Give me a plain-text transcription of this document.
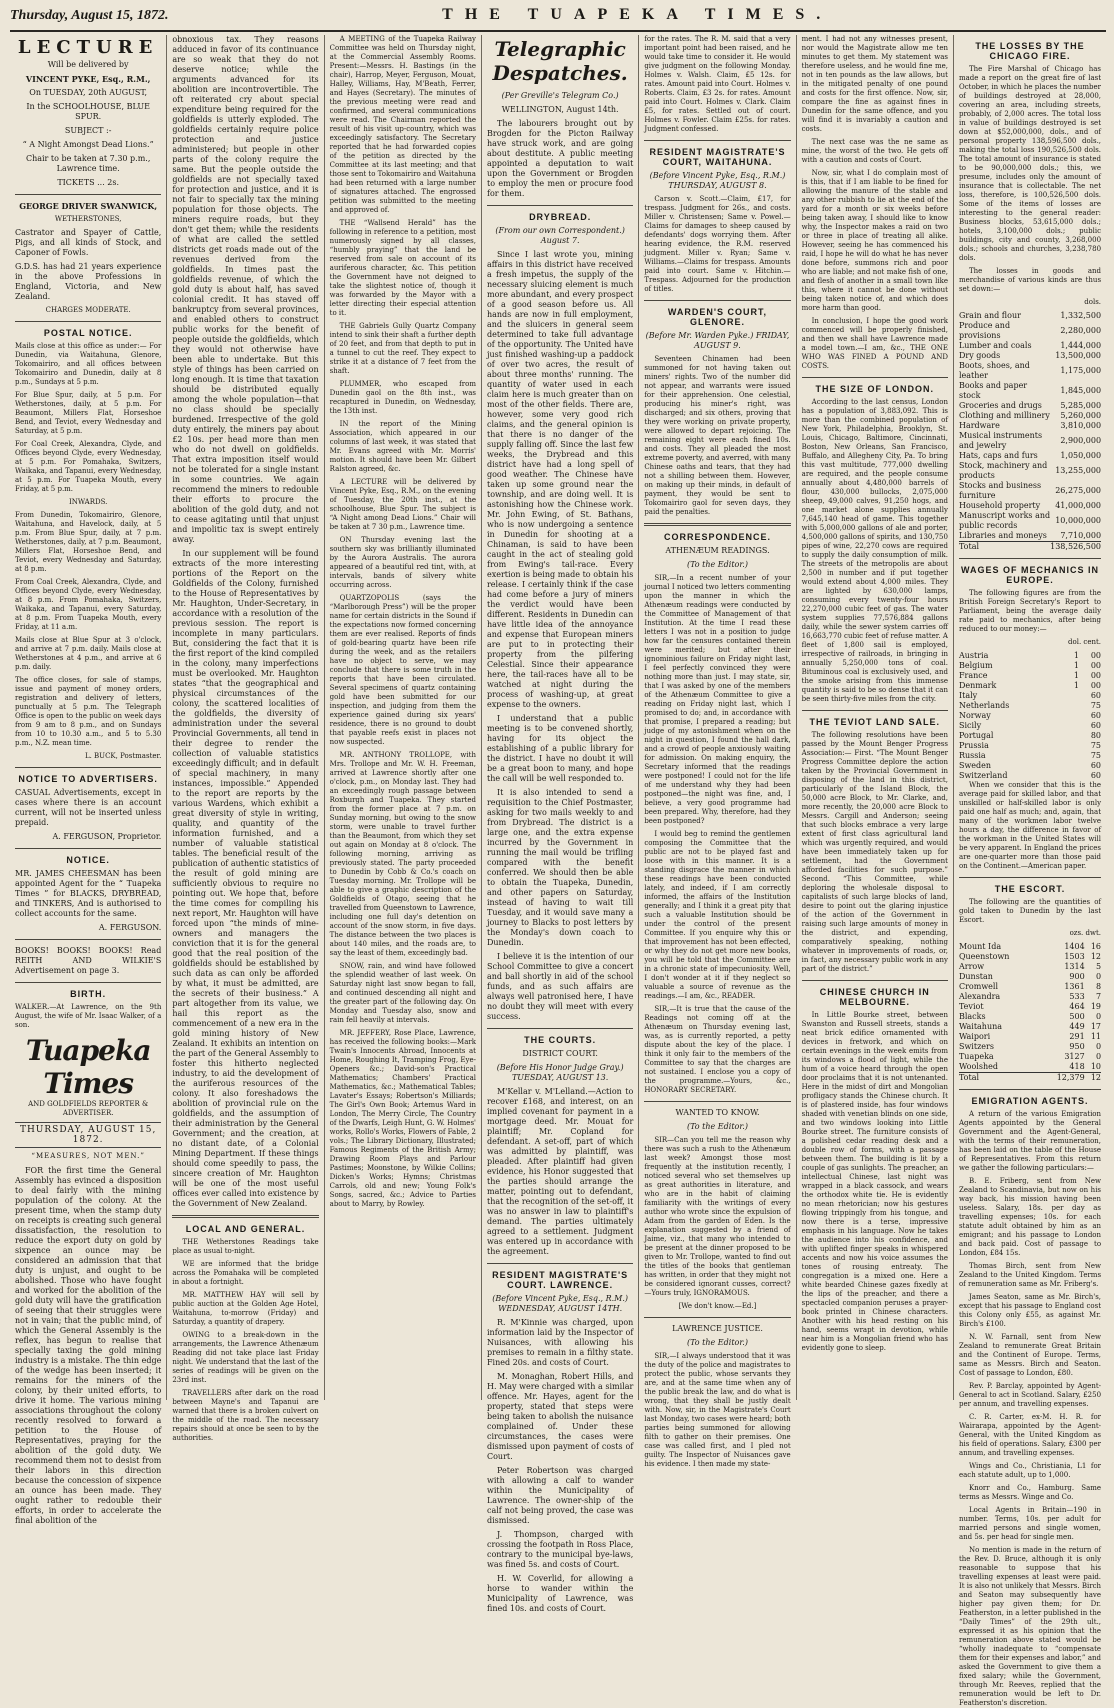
Thursday, August 15, 1872.	THE TUAPEKA TIMES.
LECTURE

Will be delivered by

VINCENT PYKE, Esq., R.M.,

On TUESDAY, 20th AUGUST,

In the SCHOOLHOUSE, BLUE SPUR.

SUBJECT :-

“ A Night Amongst Dead Lions.”

Chair to be taken at 7.30 p.m., Lawrence time.

TICKETS ... 2s.

GEORGE DRIVER SWANWICK,

WETHERSTONES,

Castrator and Spayer of Cattle, Pigs, and all kinds of Stock, and Caponer of Fowls.

G.D.S. has had 21 years experience in the above Professions in England, Victoria, and New Zealand.

CHARGES MODERATE.

POSTAL NOTICE.

Mails close at this office as under:— For Dunedin, via Waitahuna, Glenore, Tokomairiro, and all offices between Tokomairiro and Dunedin, daily at 8 p.m., Sundays at 5 p.m.

For Blue Spur, daily, at 5 p.m. For Wetherstones, daily, at 5 p.m. For Beaumont, Millers Flat, Horseshoe Bend, and Teviot, every Wednesday and Saturday, at 5 p.m.

For Coal Creek, Alexandra, Clyde, and Offices beyond Clyde, every Wednesday, at 5 p.m. For Pomahaka, Switzers, Waikaka, and Tapanui, every Wednesday, at 5 p.m. For Tuapeka Mouth, every Friday, at 5 p.m.

INWARDS.

From Dunedin, Tokomairiro, Glenore, Waitahuna, and Havelock, daily, at 5 p.m. From Blue Spur, daily, at 7 p.m. Wetherstones, daily, at 7 p.m. Beaumont, Millers Flat, Horseshoe Bend, and Teviot, every Wednesday and Saturday, at 8 p.m.

From Coal Creek, Alexandra, Clyde, and Offices beyond Clyde, every Wednesday, at 8 p.m. From Pomahaka, Switzers, Waikaka, and Tapanui, every Saturday, at 8 p.m. From Tuapeka Mouth, every Friday, at 11 a.m.

Mails close at Blue Spur at 3 o'clock, and arrive at 7 p.m. daily. Mails close at Wetherstones at 4 p.m., and arrive at 6 p.m. daily.

The office closes, for sale of stamps, issue and payment of money orders, registration and delivery of letters, punctually at 5 p.m. The Telegraph Office is open to the public on week days from 9 am to 8 p.m., and on Sundays from 10 to 10.30 a.m., and 5 to 5.30 p.m., N.Z. mean time.

L. BUCK, Postmaster.

NOTICE TO ADVERTISERS.

CASUAL Advertisements, except in cases where there is an account current, will not be inserted unless prepaid.

A. FERGUSON, Proprietor.

NOTICE.

MR. JAMES CHEESMAN has been appointed Agent for the “ Tuapeka Times ” for BLACKS, DRYBREAD, and TINKERS, And is authorised to collect accounts for the same.

A. FERGUSON.

BOOKS! BOOKS! BOOKS! Read REITH AND WILKIE'S Advertisement on page 3.

BIRTH.

WALKER.—At Lawrence, on the 9th August, the wife of Mr. Isaac Walker, of a son.

Tuapeka Times

AND GOLDFIELDS REPORTER & ADVERTISER.

THURSDAY, AUGUST 15, 1872.
“MEASURES, NOT MEN.”

FOR the first time the General Assembly has evinced a disposition to deal fairly with the mining population of the colony. At the present time, when the stamp duty on receipts is creating such general dissatisfaction, the resolution to reduce the export duty on gold by sixpence an ounce may be considered an admission that that duty is unjust, and ought to be abolished. Those who have fought and worked for the abolition of the gold duty will have the gratification of seeing that their struggles were not in vain; that the public mind, of which the General Assembly is the reflex, has begun to realise that specially taxing the gold mining industry is a mistake. The thin edge of the wedge has been inserted; it remains for the miners of the colony, by their united efforts, to drive it home. The various mining associations throughout the colony recently resolved to forward a petition to the House of Representatives, praying for the abolition of the gold duty. We recommend them not to desist from their labors in this direction because the concession of sixpence an ounce has been made. They ought rather to redouble their efforts, in order to accelerate the final abolition of the

obnoxious tax. They reasons adduced in favor of its continuance are so weak that they do not deserve notice; while the arguments advanced for its abolition are incontrovertible. The oft reiterated cry about special expenditure being required for the goldfields is utterly exploded. The goldfields certainly require police protection and justice administered; but people in other parts of the colony require the same. But the people outside the goldfields are not specially taxed for protection and justice, and it is not fair to specially tax the mining population for those objects. The miners require roads, but they don't get them; while the residents of what are called the settled districts get roads made out of the revenues derived from the goldfields. In times past the goldfields revenue, of which the gold duty is about half, has saved colonial credit. It has staved off bankruptcy from several provinces, and enabled others to construct public works for the benefit of people outside the goldfields, which they would not otherwise have been able to undertake. But this style of things has been carried on long enough. It is time that taxation should be distributed equally among the whole population—that no class should be specially burdened. Irrespective of the gold duty entirely, the miners pay about £2 10s. per head more than men who do not dwell on goldfields. That extra imposition itself would not be tolerated for a single instant in some countries. We again recommend the miners to redouble their efforts to procure the abolition of the gold duty, and not to cease agitating until that unjust and impolitic tax is swept entirely away.

In our supplement will be found extracts of the more interesting portions of the Report on the Goldfields of the Colony, furnished to the House of Representatives by Mr. Haughton, Under-Secretary, in accordance with a resolution of the previous session. The report is incomplete in many particulars. But, considering the fact that it is the first report of the kind compiled in the colony, many imperfections must be overlooked. Mr. Haughton states “that the geographical and physical circumstances of the colony, the scattered localities of the goldfields, the diversity of administration under the several Provincial Governments, all tend in their degree to render the collection of valuable statistics exceedingly difficult; and in default of special machinery, in many instances, impossible.” Appended to the report are reports by the various Wardens, which exhibit a great diversity of style in writing, quality, and quantity of the information furnished, and a number of valuable statistical tables. The beneficial result of the publication of authentic statistics of the result of gold mining are sufficiently obvious to require no pointing out. We hope that, before the time comes for compiling his next report, Mr. Haughton will have forced upon “the minds of mine-owners and managers the conviction that it is for the general good that the real position of the goldfields should be established by such data as can only be afforded by what, it must be admitted, are the secrets of their business.” A part altogether from its value, we hail this report as the commencement of a new era in the gold mining history of New Zealand. It exhibits an intention on the part of the General Assembly to foster this hitherto neglected industry, to aid the development of the auriferous resources of the colony. It also foreshadows the abolition of provincial rule on the goldfields, and the assumption of their administration by the General Government; and the creation, at no distant date, of a Colonial Mining Department. If these things should come speedily to pass, the sincere creation of Mr. Haughton will be one of the most useful offices ever called into existence by the Government of New Zealand.

LOCAL AND GENERAL.

THE Wetherstones Readings take place as usual to-night.

WE are informed that the bridge across the Pomahaka will be completed in about a fortnight.

MR. MATTHEW HAY will sell by public auction at the Golden Age Hotel, Waitahuna, to-morrow (Friday) and Saturday, a quantity of drapery.

OWING to a break-down in the arrangements, the Lawrence Athenæum Reading did not take place last Friday night. We understand that the last of the series of readings will be given on the 23rd inst.

TRAVELLERS after dark on the road between Mayne's and Tapanui are warned that there is a broken culvert on the middle of the road. The necessary repairs should at once be seen to by the authorities.

A MEETING of the Tuapeka Railway Committee was held on Thursday night, at the Commercial Assembly Rooms. Present:—Messrs. H. Bastings (in the chair), Harrop, Meyer, Ferguson, Mouat, Halley, Williams, Hay, M'Beath, Ferrer, and Hayes (Secretary). The minutes of the previous meeting were read and confirmed, and several communications were read. The Chairman reported the result of his visit up-country, which was exceedingly satisfactory. The Secretary reported that he had forwarded copies of the petition as directed by the Committee at its last meeting; and that those sent to Tokomairiro and Waitahuna had been returned with a large number of signatures attached. The engrossed petition was submitted to the meeting and approved of.

THE “Wallsend Herald” has the following in reference to a petition, most numerously signed by all classes, “humbly praying” that the land be reserved from sale on account of its auriferous character, &c. This petition the Government have not deigned to take the slightest notice of, though it was forwarded by the Mayor with a letter directing their especial attention to it.

THE Gabriels Gully Quartz Company intend to sink their shaft a further depth of 20 feet, and from that depth to put in a tunnel to cut the reef. They expect to strike it at a distance of 7 feet from the shaft.

PLUMMER, who escaped from Dunedin gaol on the 8th inst., was recaptured in Dunedin, on Wednesday, the 13th inst.

IN the report of the Mining Association, which appeared in our columns of last week, it was stated that Mr. Evans agreed with Mr. Morris' motion. It should have been Mr. Gilbert Ralston agreed, &c.

A LECTURE will be delivered by Vincent Pyke, Esq., R.M., on the evening of Tuesday, the 20th inst., at the schoolhouse, Blue Spur. The subject is “A Night among Dead Lions.” Chair will be taken at 7 30 p.m., Lawrence time.

ON Thursday evening last the southern sky was brilliantly illuminated by the Aurora Australis. The aurora appeared of a beautiful red tint, with, at intervals, bands of silvery white occurring across.

QUARTZOPOLIS (says the “Marlborough Press”) will be the proper name for certain districts in the Sound if the expectations now formed concerning them are ever realised. Reports of finds of gold-bearing quartz have been rife during the week, and as the retailers have no object to serve, we may conclude that there is some truth in the reports that have been circulated. Several specimens of quartz containing gold have been submitted for our inspection, and judging from them the experience gained during six years' residence, there is no ground to doubt that payable reefs exist in places not now suspected.

MR. ANTHONY TROLLOPE, with Mrs. Trollope and Mr. W. H. Freeman, arrived at Lawrence shortly after one o'clock, p.m., on Monday last. They had an exceedingly rough passage between Roxburgh and Tuapeka. They started from the former place at 7 p.m. on Sunday morning, but owing to the snow storm, were unable to travel further than the Beaumont, from which they set out again on Monday at 8 o'clock. The following morning, arriving as previously stated. The party proceeded to Dunedin by Cobb & Co.'s coach on Tuesday morning. Mr. Trollope will be able to give a graphic description of the Goldfields of Otago, seeing that he travelled from Queenstown to Lawrence, including one full day's detention on account of the snow storm, in five days. The distance between the two places is about 140 miles, and the roads are, to say the least of them, exceedingly bad.

SNOW, rain, and wind have followed the splendid weather of last week. On Saturday night last snow began to fall, and continued descending all night and the greater part of the following day. On Monday and Tuesday also, snow and rain fell heavily at intervals.

MR. JEFFERY, Rose Place, Lawrence, has received the following books:—Mark Twain's Innocents Abroad, Innocents at Home, Roughing It, Tramping Frog, Eye-Openers &c.; David-son's Practical Mathematics; Chambers' Practical Mathematics, &c.; Mathematical Tables; Lavater's Essays; Robertson's Milliards; The Girl's Own Book; Artemus Ward in London, The Merry Circle, The Country of the Dwarfs, Leigh Hunt, G. W. Holmes' works, Rollo's Works, Flowers of Fable, 2 vols.; The Library Dictionary, Illustrated; Famous Regiments of the British Army; Drawing Room Plays and Parlour Pastimes; Moonstone, by Wilkie Collins; Dicken's Works; Hymns; Christmas Carrols, old and new; Young Folk's Songs, sacred, &c.; Advice to Parties about to Marry, by Rowley.

Telegraphic Despatches.

(Per Greville's Telegram Co.)

WELLINGTON, August 14th.

The labourers brought out by Brogden for the Picton Railway have struck work, and are going about destitute. A public meeting appointed a deputation to wait upon the Government or Brogden to employ the men or procure food for them.

DRYBREAD.

(From our own Correspondent.) August 7.

Since I last wrote you, mining affairs in this district have received a fresh impetus, the supply of the necessary sluicing element is much more abundant, and every prospect of a good season before us. All hands are now in full employment, and the sluicers in general seem determined to take full advantage of the opportunity. The United have just finished washing-up a paddock of over two acres, the result of about three months' running. The quantity of water used in each claim here is much greater than on most of the other fields. There are, however, some very good rich claims, and the general opinion is that there is no danger of the supply falling off. Since the last few weeks, the Drybread and this district have had a long spell of good weather. The Chinese have taken up some ground near the township, and are doing well. It is astonishing how the Chinese work. Mr. John Ewing, of St. Bathans, who is now undergoing a sentence in Dunedin for shooting at a Chinaman, is said to have been caught in the act of stealing gold from Ewing's tail-race. Every exertion is being made to obtain his release. I certainly think if the case had come before a jury of miners the verdict would have been different. Residents in Dunedin can have little idea of the annoyance and expense that European miners are put to in protecting their property from the pilfering Celestial. Since their appearance here, the tail-races have all to be watched at night during the process of washing-up, at great expense to the owners.

I understand that a public meeting is to be convened shortly, having for its object the establishing of a public library for the district. I have no doubt it will be a great boon to many, and hope the call will be well responded to.

It is also intended to send a requisition to the Chief Postmaster, asking for two mails weekly to and from Drybread. The district is a large one, and the extra expense incurred by the Government in running the mail would be trifling compared with the benefit conferred. We should then be able to obtain the Tuapeka, Dunedin, and other papers on Saturday, instead of having to wait till Tuesday, and it would save many a journey to Blacks to post letters by the Monday's down coach to Dunedin.

I believe it is the intention of our School Committee to give a concert and ball shortly in aid of the school funds, and as such affairs are always well patronised here, I have no doubt they will meet with every success.

THE COURTS.

DISTRICT COURT.

(Before His Honor Judge Gray.) TUESDAY, AUGUST 13.

M'Kellar v. M'Lelland.—Action to recover £168, and interest, on an implied covenant for payment in a mortgage deed. Mr. Mouat for plaintiff; Mr. Copland for defendant. A set-off, part of which was admitted by plaintiff, was pleaded. After plaintiff had given evidence, his Honor suggested that the parties should arrange the matter, pointing out to defendant, that the recognition of the set-off, it was no answer in law to plaintiff's demand. The parties ultimately agreed to a settlement. Judgment was entered up in accordance with the agreement.

RESIDENT MAGISTRATE'S COURT. LAWRENCE.

(Before Vincent Pyke, Esq., R.M.) WEDNESDAY, AUGUST 14TH.

R. M'Kinnie was charged, upon information laid by the Inspector of Nuisances, with allowing his premises to remain in a filthy state. Fined 20s. and costs of Court.

M. Monaghan, Robert Hills, and H. May were charged with a similar offence. Mr. Hayes, agent for the property, stated that steps were being taken to abolish the nuisance complained of. Under these circumstances, the cases were dismissed upon payment of costs of Court.

Peter Robertson was charged with allowing a calf to wander within the Municipality of Lawrence. The owner-ship of the calf not being proved, the case was dismissed.

J. Thompson, charged with crossing the footpath in Ross Place, contrary to the municipal bye-laws, was fined 5s. and costs of Court.

H. W. Coverlid, for allowing a horse to wander within the Municipality of Lawrence, was fined 10s. and costs of Court.

for the rates. The R. M. said that a very important point had been raised, and he would take time to consider it. He would give judgment on the following Monday. Holmes v. Walsh. Claim, £5 12s. for rates. Amount paid into Court. Holmes v. Roberts. Claim, £3 2s. for rates. Amount paid into Court. Holmes v. Clark. Claim £5, for rates. Settled out of court. Holmes v. Fowler. Claim £25s. for rates. Judgment confessed.

RESIDENT MAGISTRATE'S COURT, WAITAHUNA.

(Before Vincent Pyke, Esq., R.M.) THURSDAY, AUGUST 8.

Carson v. Scott.—Claim, £17, for trespass. Judgment for 26s., and costs. Miller v. Christensen; Same v. Powel.—Claims for damages to sheep caused by defendants' dogs worrying them. After hearing evidence, the R.M. reserved judgment. Miller v. Ryan; Same v. Williams.—Claims for trespass. Amounts paid into court. Same v. Hitchin.—Trespass. Adjourned for the production of titles.

WARDEN'S COURT, GLENORE.

(Before Mr. Warden Pyke.) FRIDAY, AUGUST 9.

Seventeen Chinamen had been summoned for not having taken out miners' rights. Two of the number did not appear, and warrants were issued for their apprehension. One celestial, producing his miner's right, was discharged; and six others, proving that they were working on private property, were allowed to depart rejoicing. The remaining eight were each fined 10s. and costs. They all pleaded the most extreme poverty, and averred, with many Chinese oaths and tears, that they had not a shilling between them. However, on making up their minds, in default of payment, they would be sent to Tokomairiro gaol for seven days, they paid the penalties.

CORRESPONDENCE.

ATHENÆUM READINGS.

(To the Editor.)

SIR,—In a recent number of your journal I noticed two letters commenting upon the manner in which the Athenæum readings were conducted by the Committee of Management of that Institution. At the time I read these letters I was not in a position to judge how far the censures contained therein were merited; but after their ignominious failure on Friday night last, I feel perfectly convinced they were nothing more than just. I may state, sir, that I was asked by one of the members of the Athenæum Committee to give a reading on Friday night last, which I promised to do; and, in accordance with that promise, I prepared a reading; but judge of my astonishment when on the night in question, I found the hall dark, and a crowd of people anxiously waiting for admission. On making enquiry, the Secretary informed that the readings were postponed! I could not for the life of me understand why they had been postponed—the night was fine, and, I believe, a very good programme had been prepared. Why, therefore, had they been postponed?

I would beg to remind the gentlemen composing the Committee that the public are not to be played fast and loose with in this manner. It is a standing disgrace the manner in which these readings have been conducted lately, and indeed, if I am correctly informed, the affairs of the Institution generally; and I think it a great pity that such a valuable Institution should be under the control of the present Committee. If you enquire why this or that improvement has not been effected, or why they do not get more new books, you will be told that the Committee are in a chronic state of impecuniosity. Well, I don't wonder at it if they neglect so valuable a source of revenue as the readings.—I am, &c., READER.

SIR,—It is true that the cause of the Readings not coming off at the Athenæum on Thursday evening last, was, as is currently reported, a petty dispute about the key of the place. I think it only fair to the members of the Committee to say that the charges are not sustained. I enclose you a copy of the programme.—Yours, &c., HONORARY SECRETARY.

WANTED TO KNOW.

(To the Editor.)

SIR—Can you tell me the reason why there was such a rush to the Athenæum last week? Amongst those most frequently at the institution recently, I noticed several who set themselves up as great authorities in literature, and who are in the habit of claiming familiarity with the writings of every author who wrote since the expulsion of Adam from the garden of Eden. Is the explanation suggested by a friend of Jaime, viz., that many who intended to be present at the dinner proposed to be given to Mr. Trollope, wanted to find out the titles of the books that gentleman has written, in order that they might not be considered ignorant cusses, correct?—Yours truly, IGNORAMOUS.

[We don't know.—Ed.]

LAWRENCE JUSTICE.

(To the Editor.)

SIR,—I always understood that it was the duty of the police and magistrates to protect the public, whose servants they are, and at the same time when any of the public break the law, and do what is wrong, that they shall be justly dealt with. Now, sir, in the Magistrate's Court last Monday, two cases were heard; both parties being summoned for allowing filth to gather on their premises. One case was called first, and I pled not guilty. The Inspector of Nuisances gave his evidence. I then made my state-

ment. I had not any witnesses present, nor would the Magistrate allow me ten minutes to get them. My statement was therefore useless, and he would fine me, not in ten pounds as the law allows, but in the mitigated penalty of one pound and costs for the first offence. Now, sir, compare the fine as against fines in Dunedin for the same offence, and you will find it is invariably a caution and costs.

The next case was the ne same as mine, the worst of the two. He gets off with a caution and costs of Court.

Now, sir, what I do complain most of is this, that if I am liable to be fined for allowing the manure of the stable and any other rubbish to lie at the end of the yard for a month or six weeks before being taken away, I should like to know why, the Inspector makes a raid on two or three in place of treating all alike. However, seeing he has commenced his raid, I hope he will do what he has never done before, summons rich and poor who are liable; and not make fish of one, and flesh of another in a small town like this, where it cannot be done without being taken notice of, and which does more harm than good.

In conclusion, I hope the good work commenced will be properly finished, and then we shall have Lawrence made a model town.—I am, &c., THE ONE WHO WAS FINED A POUND AND COSTS.

THE SIZE OF LONDON.

According to the last census, London has a population of 3,883,092. This is more than the combined population of New York, Philadelphia, Brooklyn, St. Louis, Chicago, Baltimore, Cincinnati, Boston, New Orleans, San Francisco, Buffalo, and Allegheny City, Pa. To bring this vast multitude, 777,000 dwelling are required, and the people consume annually about 4,480,000 barrels of flour, 430,000 bullocks, 2,075,000 sheep, 49,000 calves, 91,250 hogs, and one market alone supplies annually 7,645,140 head of game. This together with 5,000,000 gallons of ale and porter, 4,500,000 gallons of spirits, and 130,750 pipes of wine, 22,270 cows are required to supply the daily consumption of milk. The streets of the metropolis are about 2,500 in number and if put together would extend about 4,000 miles. They are lighted by 630,000 lamps, consuming every twenty-four hours 22,270,000 cubic feet of gas. The water system supplies 77,576,884 gallons daily, while the sewer system carries off 16,663,770 cubic feet of refuse matter. A fleet of 1,800 sail is employed, irrespective of railroads, in bringing in annually 5,250,000 tons of coal. Bituminous coal is exclusively used, and the smoke arising from this immense quantity is said to be so dense that it can be seen thirty-five miles from the city.

THE TEVIOT LAND SALE.

The following resolutions have been passed by the Mount Benger Progress Association:— First. “The Mount Benger Progress Committee deplore the action taken by the Provincial Government in disposing of the land in this district, particularly of the Island Block, the 50,000 acre Block, to Mr. Clarke, and, more recently, the 20,000 acre Block to Messrs. Cargill and Anderson; seeing that such blocks embrace a very large extent of first class agricultural land which was urgently required, and would have been immediately taken up for settlement, had the Government afforded facilities for such purpose.” Second. “This Committee, while deploring the wholesale disposal to capitalists of such large blocks of land, desire to point out the glaring injustice of the action of the Government in raising such large amounts of money in the district, and expending, comparatively speaking, nothing whatever in improvements of roads, or, in fact, any necessary public work in any part of the district.”

CHINESE CHURCH IN MELBOURNE.

In Little Bourke street, between Swanston and Russell streets, stands a neat brick edifice ornamented with devices in fretwork, and which on certain evenings in the week emits from its windows a flood of light, while the hum of a voice heard through the open door proclaims that it is not untenanted. Here in the midst of dirt and Mongolian profligacy stands the Chinese church. It is of plastered inside, has four windows shaded with venetian blinds on one side, and two windows looking into Little Bourke street. The furniture consists of a polished cedar reading desk and a double row of forms, with a passage between them. The building is lit by a couple of gas sunlights. The preacher, an intellectual Chinese, last night was wrapped in a black cassock, and wears the orthodox white tie. He is evidently no mean rhetorician; now his gestures flowing trippingly from his tongue, and now there is a terse, impressive emphasis in his language. Now he takes the audience into his confidence, and with uplifted finger speaks in whispered accents and now his voice assumes the tones of rousing entreaty. The congregation is a mixed one. Here a white bearded Chinese gazes fixedly at the lips of the preacher, and there a spectacled companion peruses a prayer-book printed in Chinese characters. Another with his head resting on his hand, seems wrapt in devotion, while near him is a Mongolian friend who has evidently gone to sleep.

THE LOSSES BY THE CHICAGO FIRE.

The Fire Marshal of Chicago has made a report on the great fire of last October, in which he places the number of buildings destroyed at 28,000, covering an area, including streets, probably, of 2,000 acres. The total loss in value of buildings destroyed is set down at $52,000,000, dols., and of personal property 138,596,500 dols., making the total loss 190,526,500 dols. The total amount of insurance is stated to be 90,000,000 dols.; this, we presume, includes only the amount of insurance that is collectable. The net loss, therefore, is 100,526,500 dols. Some of the items of losses are interesting to the general reader: Business blocks, 53,615,000 dols.; hotels, 3,100,000 dols.; public buildings, city and county, 3,268,000 dols.; schools and churches, 3,238,780 dols.

The losses in goods and merchandise of various kinds are thus set down:—

dols.

Grain and flour	1,332,500
Produce and provisions	2,280,000
Lumber and coals	1,444,000
Dry goods	13,500,000
Boots, shoes, and leather	1,175,000
Books and paper stock	1,845,000
Groceries and drugs	5,285,000
Clothing and millinery	5,260,000
Hardware	3,810,000
Musical instruments and jewelry	2,900,000
Hats, caps and furs	1,050,000
Stock, machinery and products	13,255,000
Stocks and business furniture	26,275,000
Household property	41,000,000
Manuscript works and public records	10,000,000
Libraries and moneys	7,710,000
Total	138,526,500
WAGES OF MECHANICS IN EUROPE.

The following figures are from the British Foreign Secretary's Report to Parliament, being the average daily rate paid to mechanics, after being reduced to our money:—

dol. cent.

Austria	1	00
Belgium	1	00
France	1	00
Denmark	1	00
Italy		60
Netherlands		75
Norway		60
Sicily		60
Portugal		80
Prussia		75
Russia		75
Sweden		60
Switzerland		60

When we consider that this is the average paid for skilled labor, and that unskilled or half-skilled labor is only paid one half as much; and, again, that many of the workmen labor twelve hours a day, the difference in favor of the workman in the United States will be very apparent. In England the prices are one-quarter more than those paid on the Continent.—American paper.

THE ESCORT.

The following are the quantities of gold taken to Dunedin by the last Escort.

ozs. dwt.

Mount Ida	1404	16
Queenstown	1503	12
Arrow	1314	5
Dunstan	900	0
Cromwell	1361	8
Alexandra	533	7
Teviot	464	19
Blacks	500	0
Waitahuna	449	17
Waipori	291	11
Switzers	950	0
Tuapeka	3127	0
Woolshed	418	10
Total	12,379	12
EMIGRATION AGENTS.

A return of the various Emigration Agents appointed by the General Government and the Agent-General, with the terms of their remuneration, has been laid on the table of the House of Representatives. From this return we gather the following particulars:—

B. E. Friberg, sent from New Zealand to Scandinavia, but now on his way back, his mission having been useless. Salary, 18s. per day as travelling expenses; 10s. for each statute adult obtained by him as an emigrant; and his passage to London and back paid. Cost of passage to London, £84 15s.

Thomas Birch, sent from New Zealand to the United Kingdom. Terms of remuneration same as Mr. Friberg's.

James Seaton, same as Mr. Birch's, except that his passage to England cost this Colony only £55, as against Mr. Birch's £100.

N. W. Farnall, sent from New Zealand to remunerate Great Britain and the Continent of Europe. Terms, same as Messrs. Birch and Seaton. Cost of passage to London, £80.

Rev. P. Barclay, appointed by Agent-General to act in Scotland. Salary, £250 per annum, and travelling expenses.

C. R. Carter, ex-M. H. R. for Wairarapa, appointed by the Agent-General, with the United Kingdom as his field of operations. Salary, £300 per annum, and travelling expenses.

Wings and Co., Christiania, L1 for each statute adult, up to 1,000.

Knorr and Co., Hamburg. Same terms as Messrs. Winge and Co.

Local Agents in Britain—190 in number. Terms, 10s. per adult for married persons and single women, and 5s. per head for single men.

No mention is made in the return of the Rev. D. Bruce, although it is only reasonable to suppose that his travelling expenses at least were paid. It is also not unlikely that Messrs. Birch and Seaton may subsequently have higher pay given them; for Dr. Featherston, in a letter published in the “Daily Times” of the 29th ult., expressed it as his opinion that the remuneration above stated would be “wholly inadequate to “compensate them for their expenses and labor,” and asked the Government to give them a fixed salary; while the Government, through Mr. Reeves, replied that the remuneration would be left to Dr. Featherston's discretion.
